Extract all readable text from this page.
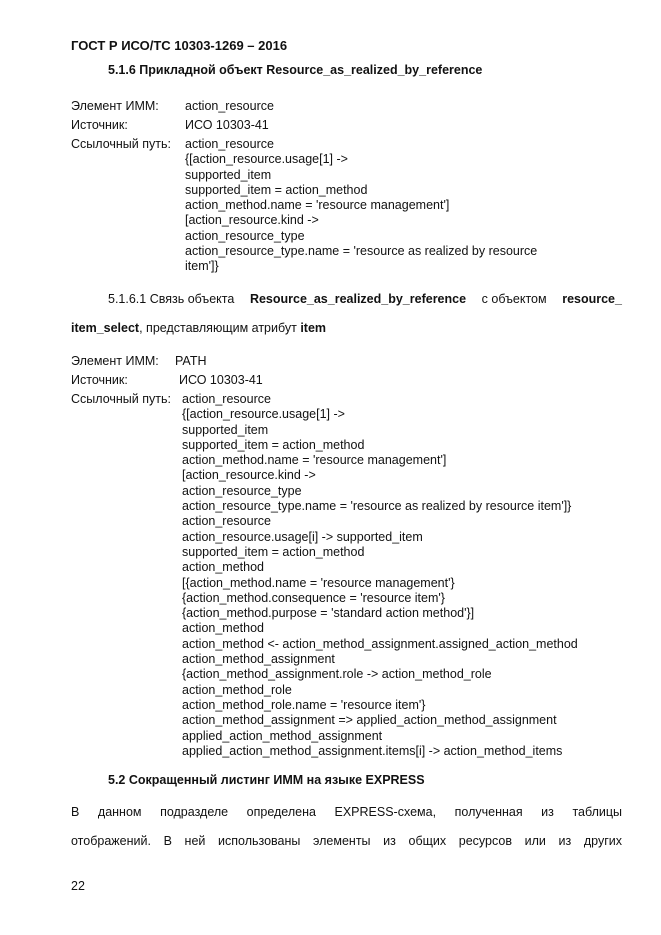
ГОСТ Р ИСО/ТС 10303-1269 – 2016
5.1.6 Прикладной объект Resource_as_realized_by_reference
Элемент ИММ: action_resource
Источник:	ИСО 10303-41
Ссылочный путь: action_resource
{[action_resource.usage[1] ->
supported_item
supported_item = action_method
action_method.name = 'resource management']
[action_resource.kind ->
action_resource_type
action_resource_type.name = 'resource as realized by resource
item']}
5.1.6.1 Связь объекта Resource_as_realized_by_reference с объектом resource_
item_select, представляющим атрибут item
Элемент ИММ: PATH
Источник:	ИСО 10303-41
Ссылочный путь: action_resource
{[action_resource.usage[1] ->
supported_item
supported_item = action_method
action_method.name = 'resource management']
[action_resource.kind ->
action_resource_type
action_resource_type.name = 'resource as realized by resource item']}
action_resource
action_resource.usage[i] -> supported_item
supported_item = action_method
action_method
[{action_method.name = 'resource management'}
{action_method.consequence = 'resource item'}
{action_method.purpose = 'standard action method'}]
action_method
action_method <- action_method_assignment.assigned_action_method
action_method_assignment
{action_method_assignment.role -> action_method_role
action_method_role
action_method_role.name = 'resource item'}
action_method_assignment => applied_action_method_assignment
applied_action_method_assignment
applied_action_method_assignment.items[i] -> action_method_items
5.2 Сокращенный листинг ИММ на языке EXPRESS
В данном подразделе определена EXPRESS-схема, полученная из таблицы
отображений. В ней использованы элементы из общих ресурсов или из других
22
